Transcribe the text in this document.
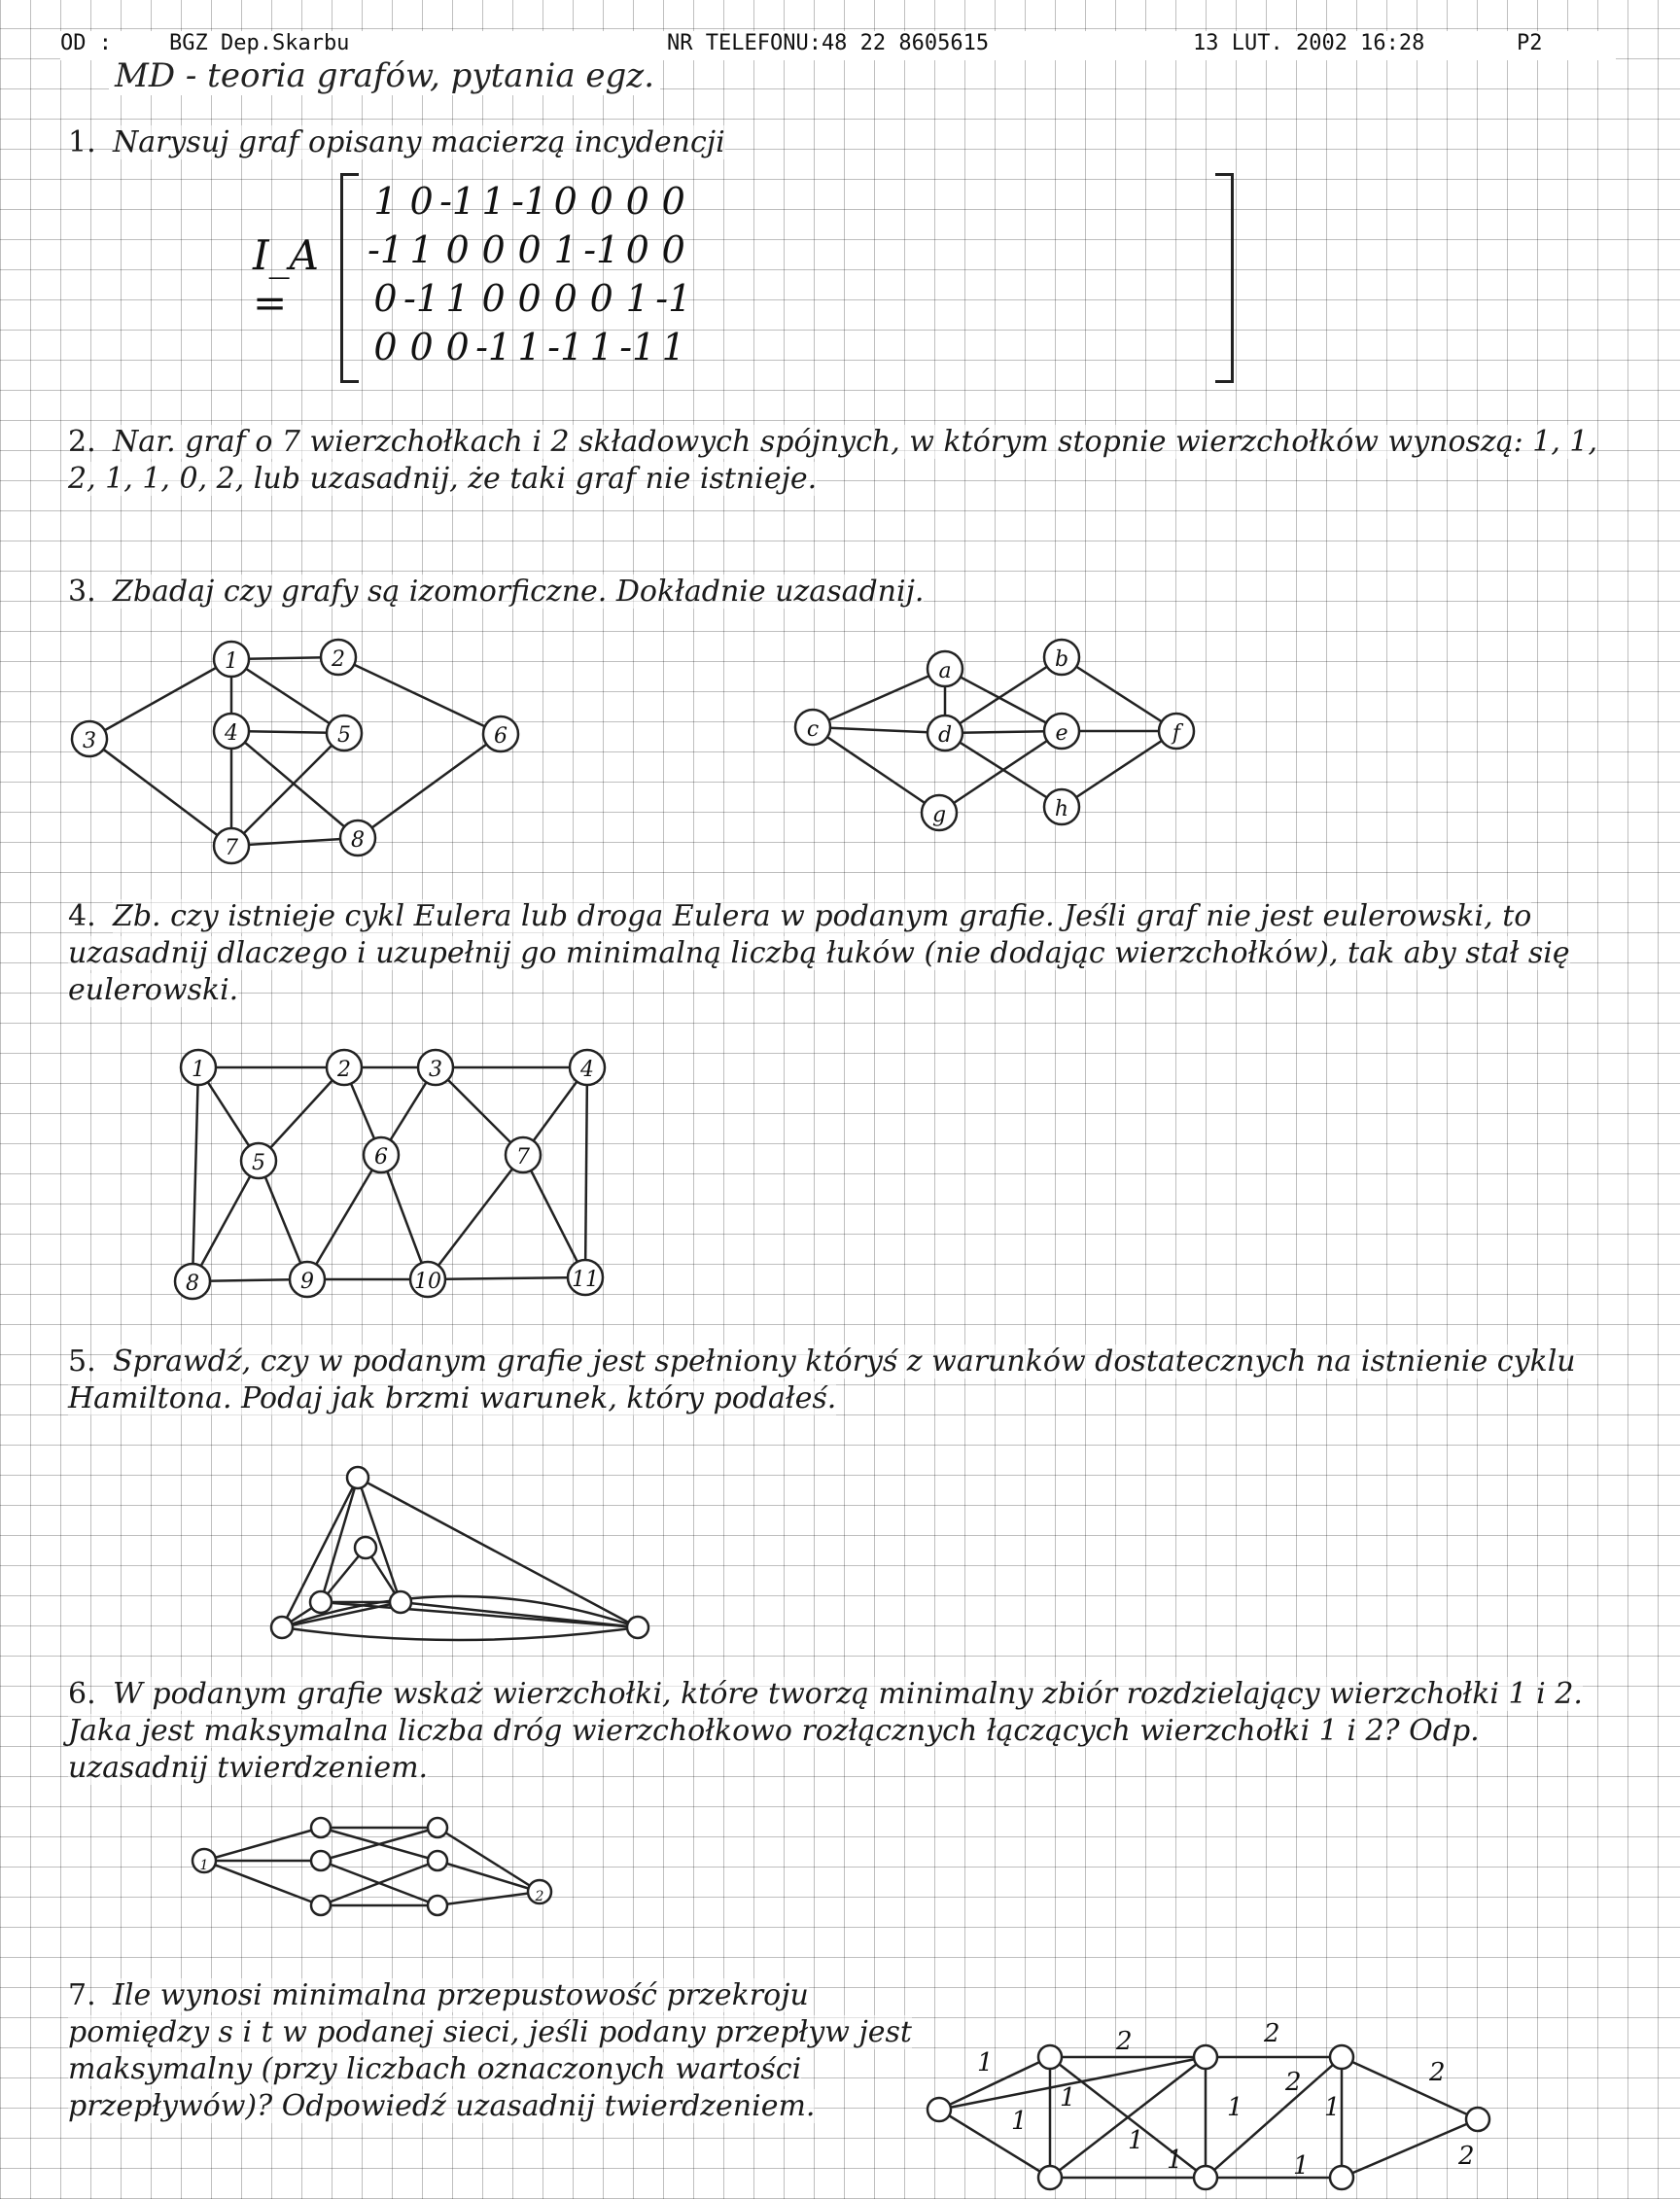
OD :	BGZ Dep.Skarbu	NR TELEFONU:48 22 8605615	13 LUT. 2002 16:28	P2
MD - teoria grafów, pytania egz.
1. Narysuj graf opisany macierzą incydencji
I_A =
1	0	-1	1	-1	0	0	0	0
-1	1	0	0	0	1	-1	0	0
0	-1	1	0	0	0	0	1	-1
0	0	0	-1	1	-1	1	-1	1
2. Nar. graf o 7 wierzchołkach i 2 składowych spójnych, w którym stopnie wierzchołków wynoszą: 1, 1, 2, 1, 1, 0, 2, lub uzasadnij, że taki graf nie istnieje.
3. Zbadaj czy grafy są izomorficzne. Dokładnie uzasadnij.
1	2
3	4	5	6
7	8
a	b
c	d	e	f
g	h
1	2	3	4
5	6	7
8	9	10	11
1
2
1
1
1
1
2	2
2
1	1
2
2
1	1
4. Zb. czy istnieje cykl Eulera lub droga Eulera w podanym grafie. Jeśli graf nie jest eulerowski, to uzasadnij dlaczego i uzupełnij go minimalną liczbą łuków (nie dodając wierzchołków), tak aby stał się eulerowski.
5. Sprawdź, czy w podanym grafie jest spełniony któryś z warunków dostatecznych na istnienie cyklu Hamiltona. Podaj jak brzmi warunek, który podałeś.
6. W podanym grafie wskaż wierzchołki, które tworzą minimalny zbiór rozdzielający wierzchołki 1 i 2. Jaka jest maksymalna liczba dróg wierzchołkowo rozłącznych łączących wierzchołki 1 i 2? Odp. uzasadnij twierdzeniem.
7. Ile wynosi minimalna przepustowość przekroju pomiędzy s i t w podanej sieci, jeśli podany przepływ jest maksymalny (przy liczbach oznaczonych wartości przepływów)? Odpowiedź uzasadnij twierdzeniem.
